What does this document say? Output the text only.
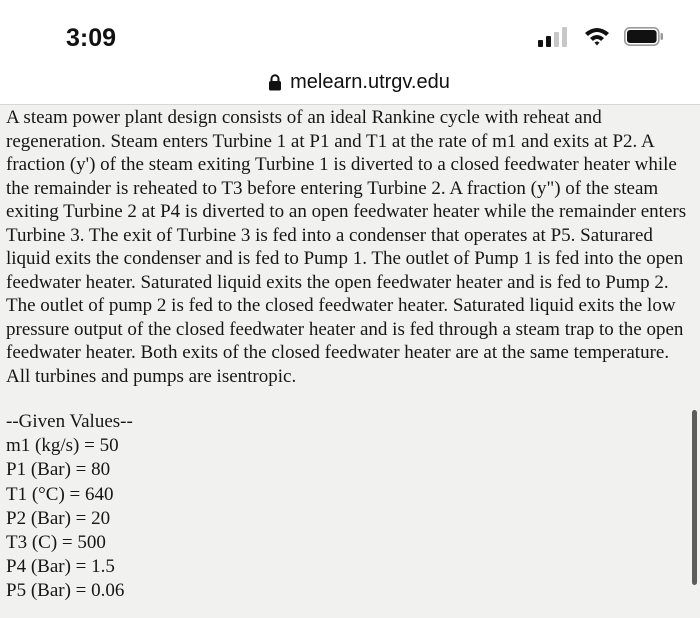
3:09
melearn.utrgv.edu

A steam power plant design consists of an ideal Rankine cycle with reheat and regeneration. Steam enters Turbine 1 at P1 and T1 at the rate of m1 and exits at P2. A fraction (y') of the steam exiting Turbine 1 is diverted to a closed feedwater heater while the remainder is reheated to T3 before entering Turbine 2. A fraction (y") of the steam exiting Turbine 2 at P4 is diverted to an open feedwater heater while the remainder enters Turbine 3. The exit of Turbine 3 is fed into a condenser that operates at P5. Saturared liquid exits the condenser and is fed to Pump 1. The outlet of Pump 1 is fed into the open feedwater heater. Saturated liquid exits the open feedwater heater and is fed to Pump 2. The outlet of pump 2 is fed to the closed feedwater heater. Saturated liquid exits the low pressure output of the closed feedwater heater and is fed through a steam trap to the open feedwater heater. Both exits of the closed feedwater heater are at the same temperature. All turbines and pumps are isentropic.

--Given Values--
m1 (kg/s) = 50
P1 (Bar) = 80
T1 (°C) = 640
P2 (Bar) = 20
T3 (C) = 500
P4 (Bar) = 1.5
P5 (Bar) = 0.06
